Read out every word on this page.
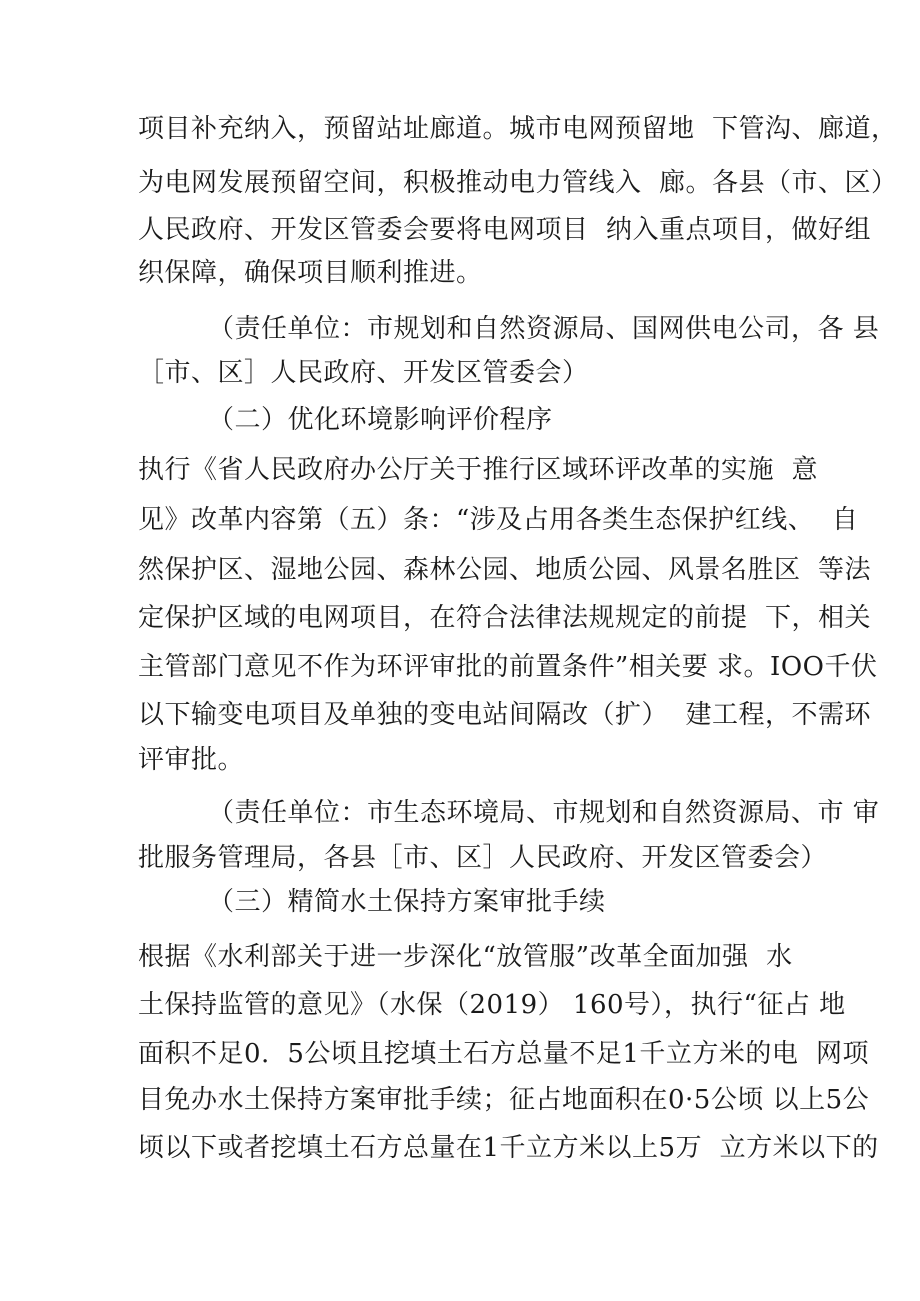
项目补充纳入，预留站址廊道。城市电网预留地  下管沟、廊道，
为电网发展预留空间，积极推动电力管线入  廊。各县（市、区）
人民政府、开发区管委会要将电网项目  纳入重点项目，做好组
织保障，确保项目顺利推进。
（责任单位：市规划和自然资源局、国网供电公司，各 县
［市、区］人民政府、开发区管委会）
（二）优化环境影响评价程序
执行《省人民政府办公厅关于推行区域环评改革的实施  意
见》改革内容第（五）条：“涉及占用各类生态保护红线、  自
然保护区、湿地公园、森林公园、地质公园、风景名胜区  等法
定保护区域的电网项目，在符合法律法规规定的前提  下，相关
主管部门意见不作为环评审批的前置条件”相关要 求。IOO千伏
以下输变电项目及单独的变电站间隔改（扩）  建工程，不需环
评审批。
（责任单位：市生态环境局、市规划和自然资源局、市 审
批服务管理局，各县［市、区］人民政府、开发区管委会）
（三）精简水土保持方案审批手续
根据《水利部关于进一步深化“放管服”改革全面加强  水
土保持监管的意见》（水保（2019） 160号），执行“征占 地
面积不足0.  5公顷且挖填土石方总量不足1千立方米的电  网项
目免办水土保持方案审批手续；征占地面积在0·5公顷 以上5公
顷以下或者挖填土石方总量在1千立方米以上5万  立方米以下的
